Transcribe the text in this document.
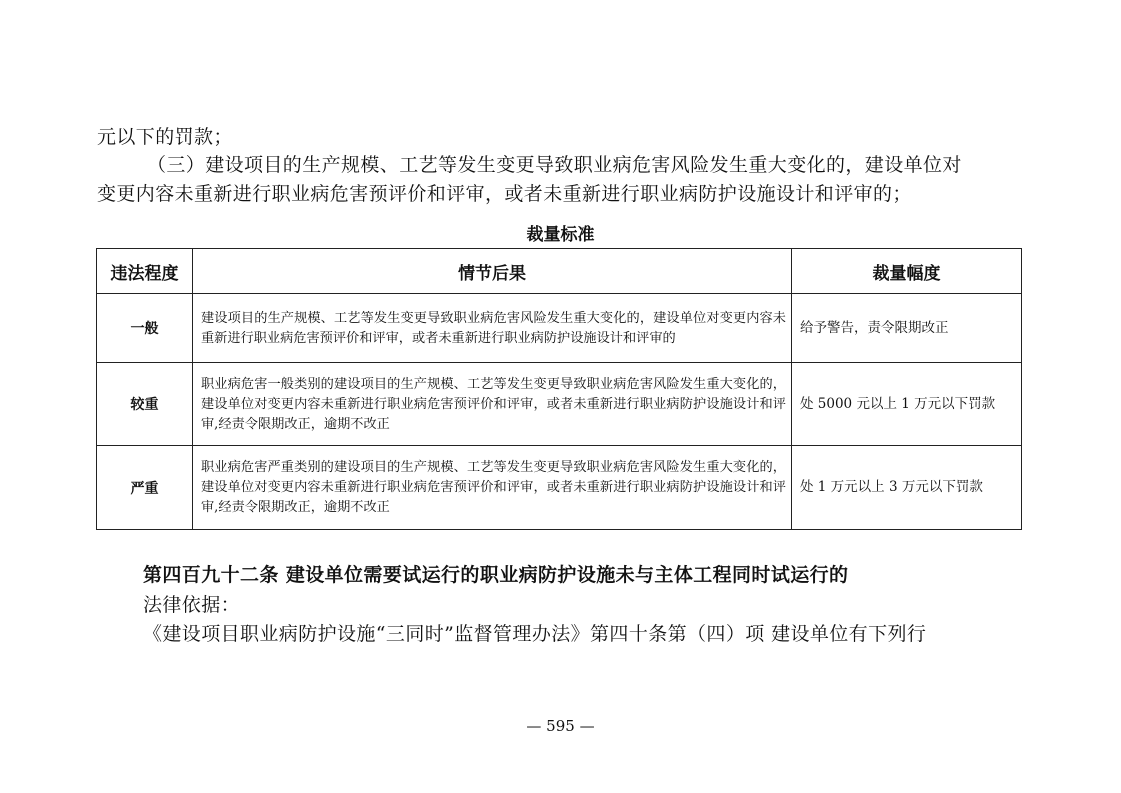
元以下的罚款；
（三）建设项目的生产规模、工艺等发生变更导致职业病危害风险发生重大变化的，建设单位对
变更内容未重新进行职业病危害预评价和评审，或者未重新进行职业病防护设施设计和评审的；
裁量标准
违法程度	情节后果	裁量幅度
一般	建设项目的生产规模、工艺等发生变更导致职业病危害风险发生重大变化的，建设单位对变更内容未重新进行职业病危害预评价和评审，或者未重新进行职业病防护设施设计和评审的	给予警告，责令限期改正
较重	职业病危害一般类别的建设项目的生产规模、工艺等发生变更导致职业病危害风险发生重大变化的，建设单位对变更内容未重新进行职业病危害预评价和评审，或者未重新进行职业病防护设施设计和评审,经责令限期改正，逾期不改正	处 5000 元以上 1 万元以下罚款
严重	职业病危害严重类别的建设项目的生产规模、工艺等发生变更导致职业病危害风险发生重大变化的，建设单位对变更内容未重新进行职业病危害预评价和评审，或者未重新进行职业病防护设施设计和评审,经责令限期改正，逾期不改正	处 1 万元以上 3 万元以下罚款
第四百九十二条 建设单位需要试运行的职业病防护设施未与主体工程同时试运行的
法律依据：
《建设项目职业病防护设施“三同时”监督管理办法》第四十条第（四）项 建设单位有下列行
— 595 —
